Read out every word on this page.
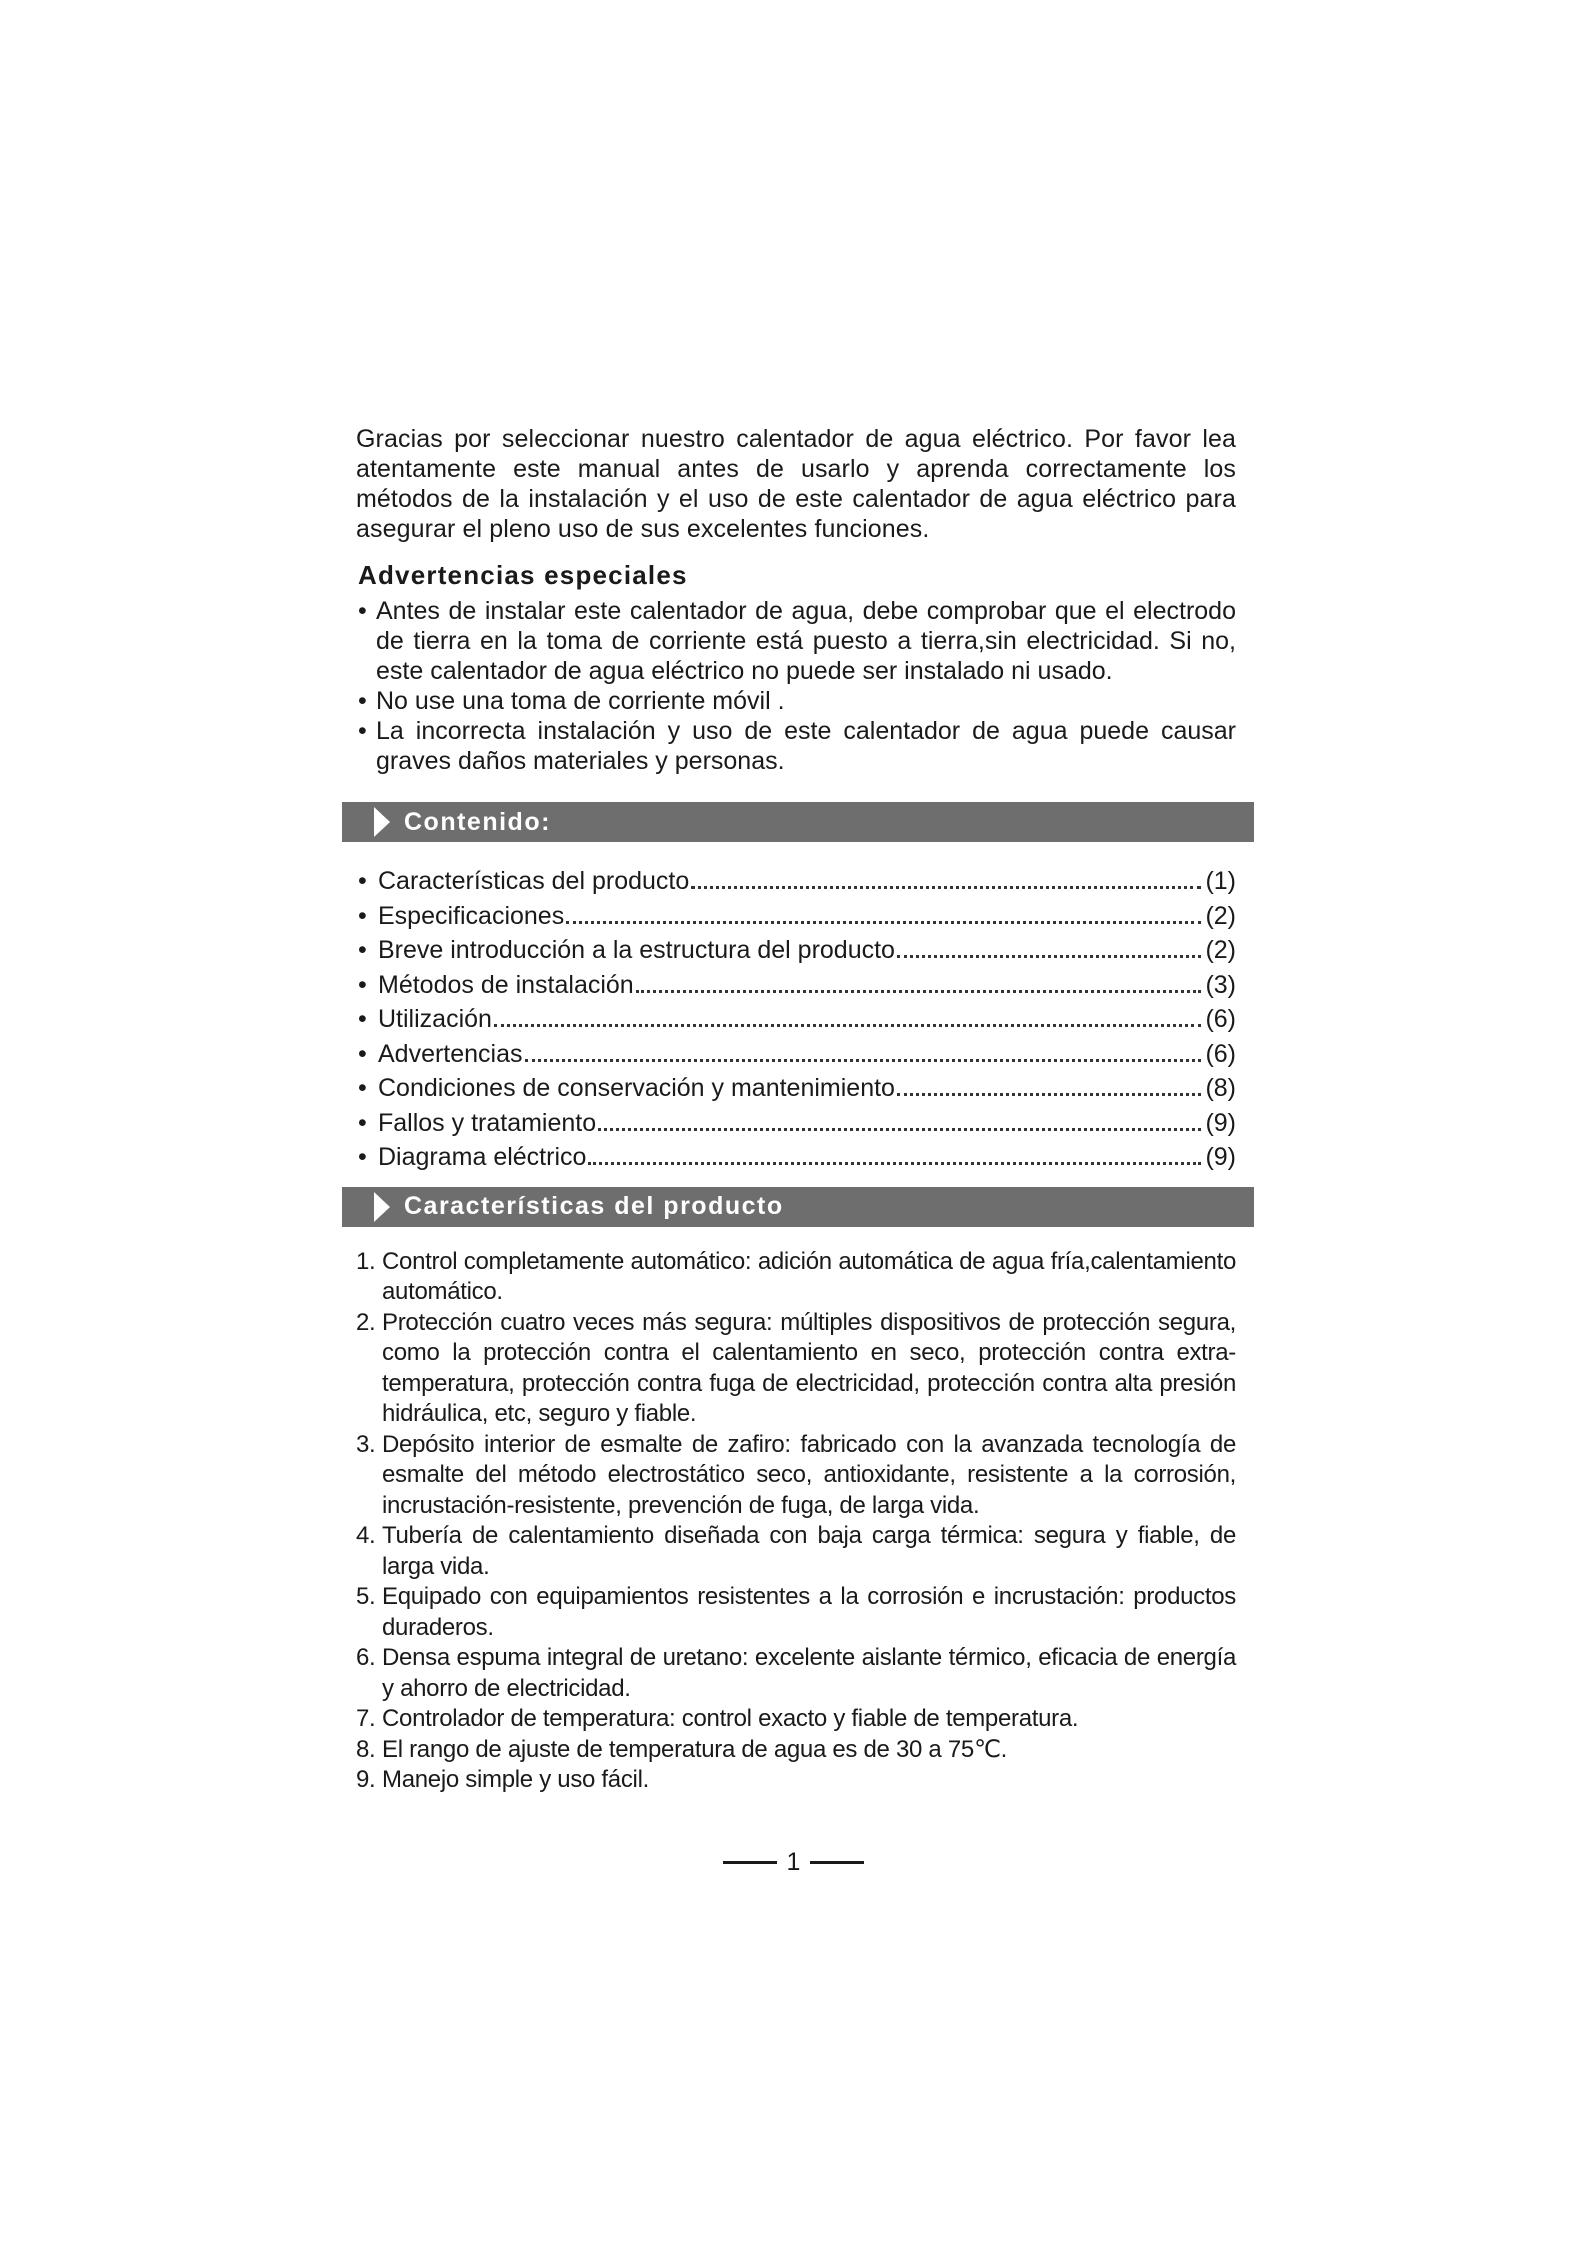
Gracias por seleccionar nuestro calentador de agua eléctrico. Por favor lea atentamente este manual antes de usarlo y aprenda correctamente los métodos de la instalación y el uso de este calentador de agua eléctrico para asegurar el pleno uso de sus excelentes funciones.

Advertencias especiales
• Antes de instalar este calentador de agua, debe comprobar que el electrodo de tierra en la toma de corriente está puesto a tierra,sin electricidad. Si no, este calentador de agua eléctrico no puede ser instalado ni usado.
• No use una toma de corriente móvil .
• La incorrecta instalación y uso de este calentador de agua puede causar graves daños materiales y personas.
Contenido:
• Características del producto	(1)
• Especificaciones	(2)
• Breve introducción a la estructura del producto	(2)
• Métodos de instalación	(3)
• Utilización	(6)
• Advertencias	(6)
• Condiciones de conservación y mantenimiento	(8)
• Fallos y tratamiento	(9)
• Diagrama eléctrico	(9)
Características del producto
1. Control completamente automático: adición automática de agua fría,calentamiento automático.
2. Protección cuatro veces más segura: múltiples dispositivos de protección segura, como la protección contra el calentamiento en seco, protección contra extra-temperatura, protección contra fuga de electricidad, protección contra alta presión hidráulica, etc, seguro y fiable.
3. Depósito interior de esmalte de zafiro: fabricado con la avanzada tecnología de esmalte del método electrostático seco, antioxidante, resistente a la corrosión, incrustación-resistente, prevención de fuga, de larga vida.
4. Tubería de calentamiento diseñada con baja carga térmica: segura y fiable, de larga vida.
5. Equipado con equipamientos resistentes a la corrosión e incrustación: productos duraderos.
6. Densa espuma integral de uretano: excelente aislante térmico, eficacia de energía y ahorro de electricidad.
7. Controlador de temperatura: control exacto y fiable de temperatura.
8. El rango de ajuste de temperatura de agua es de 30 a 75℃.
9. Manejo simple y uso fácil.
1
